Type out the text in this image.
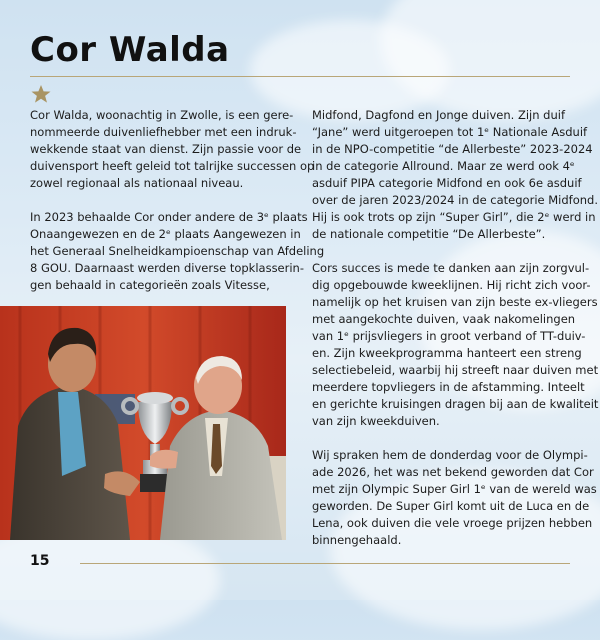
Cor Walda

Cor Walda, woonachtig in Zwolle, is een gere-
nommeerde duivenliefhebber met een indruk-
wekkende staat van dienst. Zijn passie voor de
duivensport heeft geleid tot talrijke successen op
zowel regionaal als nationaal niveau.

In 2023 behaalde Cor onder andere de 3ᵉ plaats
Onaangewezen en de 2ᵉ plaats Aangewezen in
het Generaal Snelheidkampioenschap van Afdeling
8 GOU. Daarnaast werden diverse topklasserin-
gen behaald in categorieën zoals Vitesse,

Midfond, Dagfond en Jonge duiven. Zijn duif
“Jane” werd uitgeroepen tot 1ᵉ Nationale Asduif
in de NPO-competitie “de Allerbeste” 2023-2024
in de categorie Allround. Maar ze werd ook 4ᵉ
asduif PIPA categorie Midfond en ook 6e asduif
over de jaren 2023/2024 in de categorie Midfond.
Hij is ook trots op zijn “Super Girl”, die 2ᵉ werd in
de nationale competitie “De Allerbeste”.

Cors succes is mede te danken aan zijn zorgvul-
dig opgebouwde kweeklijnen. Hij richt zich voor-
namelijk op het kruisen van zijn beste ex-vliegers
met aangekochte duiven, vaak nakomelingen
van 1ᵉ prijsvliegers in groot verband of TT-duiv-
en. Zijn kweekprogramma hanteert een streng
selectiebeleid, waarbij hij streeft naar duiven met
meerdere topvliegers in de afstamming. Inteelt
en gerichte kruisingen dragen bij aan de kwaliteit
van zijn kweekduiven.

Wij spraken hem de donderdag voor de Olympi-
ade 2026, het was net bekend geworden dat Cor
met zijn Olympic Super Girl 1ᵉ van de wereld was
geworden. De Super Girl komt uit de Luca en de
Lena, ook duiven die vele vroege prijzen hebben
binnengehaald.

15
